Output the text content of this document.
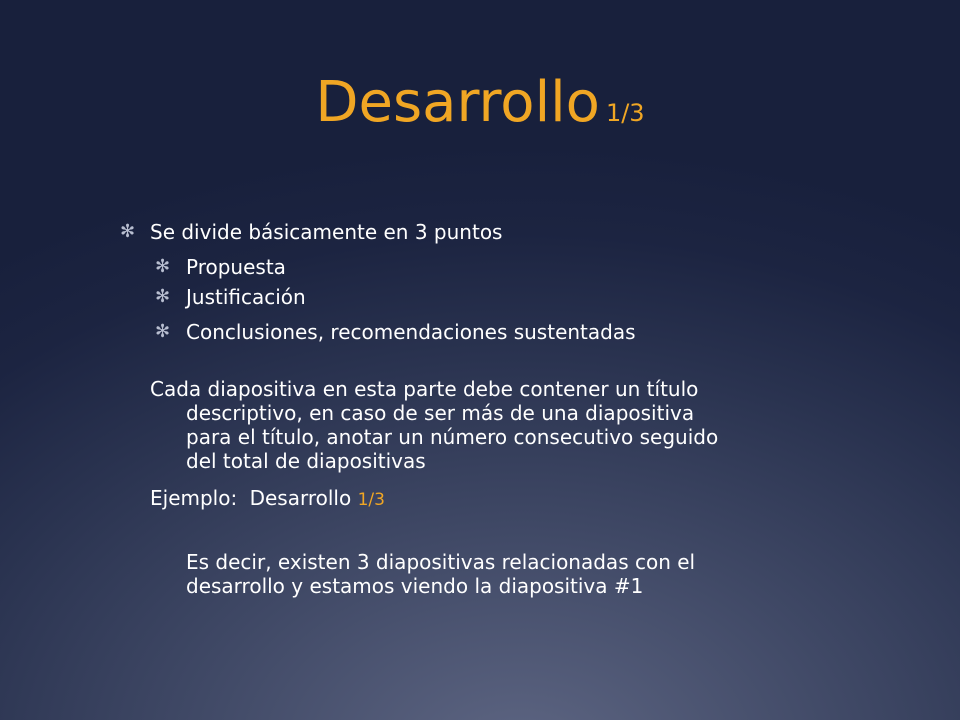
Desarrollo 1/3
✻ Se divide básicamente en 3 puntos
✻ Propuesta
✻ Justificación
✻ Conclusiones, recomendaciones sustentadas
Cada diapositiva en esta parte debe contener un título
descriptivo, en caso de ser más de una diapositiva
para el título, anotar un número consecutivo seguido
del total de diapositivas
Ejemplo: Desarrollo 1/3
Es decir, existen 3 diapositivas relacionadas con el
desarrollo y estamos viendo la diapositiva #1
